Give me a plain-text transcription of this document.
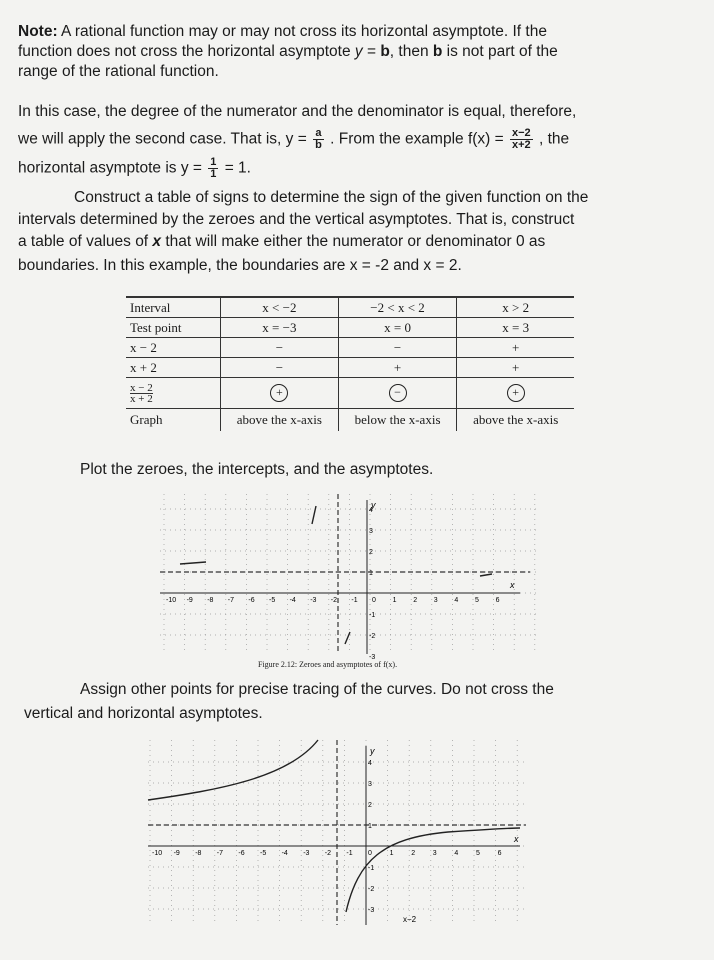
Note: A rational function may or may not cross its horizontal asymptote. If the

function does not cross the horizontal asymptote y = b, then b is not part of the

range of the rational function.

In this case, the degree of the numerator and the denominator is equal, therefore,

we will apply the second case. That is, $y = \frac{a}{b}$ . From the example $f(x) = \frac{x-2}{x+2}$ , the

horizontal asymptote is $y = \frac{1}{1} = 1$.

Construct a table of signs to determine the sign of the given function on the

intervals determined by the zeroes and the vertical asymptotes. That is, construct

a table of values of x that will make either the numerator or denominator 0 as

boundaries. In this example, the boundaries are x = -2 and x = 2.

Interval	x < −2	−2 < x < 2	x > 2
Test point	x = −3	x = 0	x = 3
x − 2	−	−	+
x + 2	−	+	+

$\frac{x - 2}{x + 2}$	+	−	+
Graph	above the x-axis	below the x-axis	above the x-axis

Plot the zeroes, the intercepts, and the asymptotes.

-10 -9 -8 -7 -6 -5 -4 -3 -2 -1 0 1 2 3 4 5 6
4
3
2
1
-1
-2
-3
x
y
Figure 2.12: Zeroes and asymptotes of f(x).

Assign other points for precise tracing of the curves. Do not cross the

vertical and horizontal asymptotes.

-10 -9 -8 -7 -6 -5 -4 -3 -2 -1 0	1	2	3	4	5	6
4
3
2
1
-1
-2
-3
x
y
x−2
